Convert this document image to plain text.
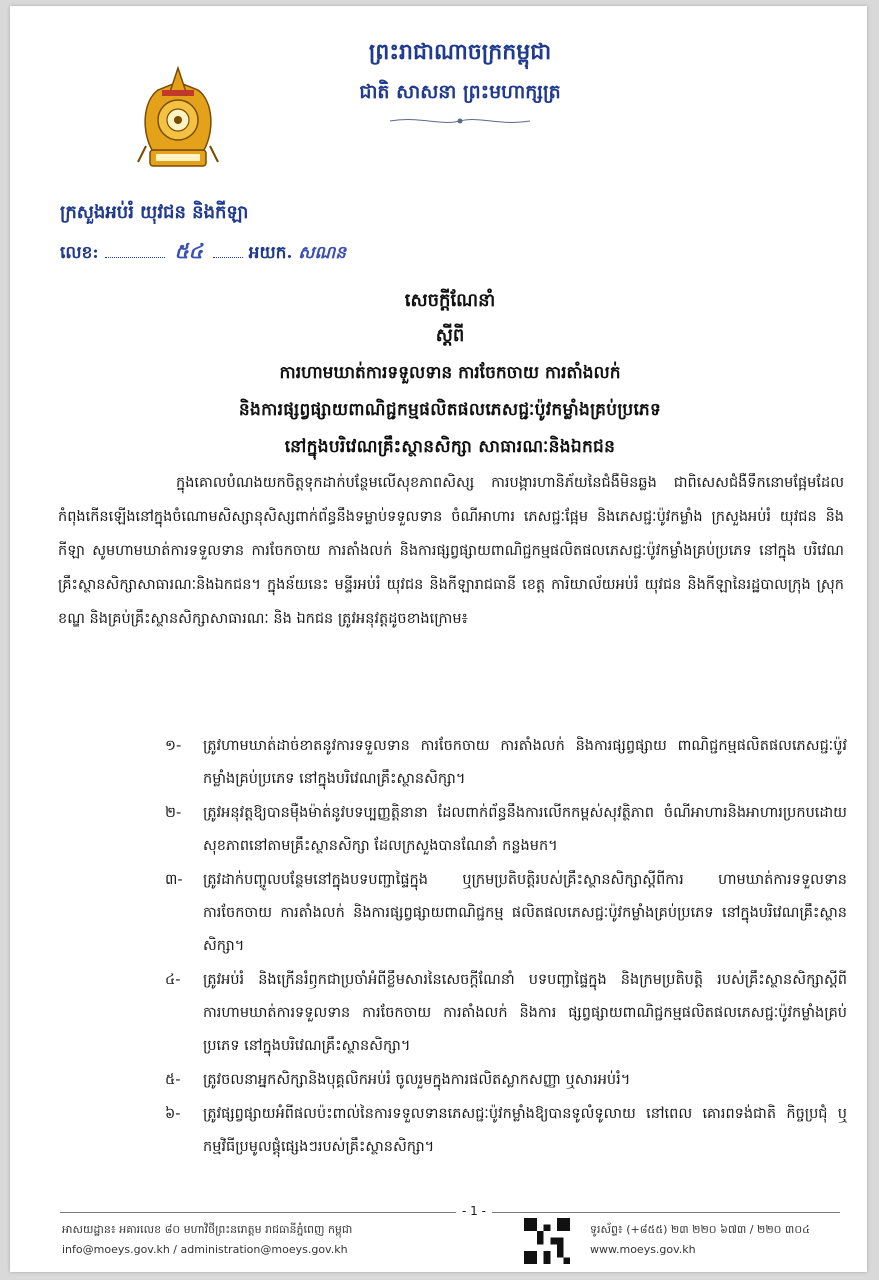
ព្រះរាជាណាចក្រកម្ពុជា
ជាតិ សាសនា ព្រះមហាក្សត្រ
ក្រសួងអប់រំ យុវជន និងកីឡា
លេខ:	៥៤	អយក. សណន
សេចក្តីណែនាំ
ស្តីពី
ការហាមឃាត់ការទទួលទាន ការចែកចាយ ការតាំងលក់
និងការផ្សព្វផ្សាយពាណិជ្ជកម្មផលិតផលភេសជ្ជៈប៉ូវកម្លាំងគ្រប់ប្រភេទ
នៅក្នុងបរិវេណគ្រឹះស្ថានសិក្សា សាធារណៈនិងឯកជន
ក្នុងគោលបំណងយកចិត្តទុកដាក់បន្ថែមលើសុខភាពសិស្ស ការបង្ការហានិភ័យនៃជំងឺមិនឆ្លង ជាពិសេសជំងឺទឹកនោមផ្អែមដែលកំពុងកើនឡើងនៅក្នុងចំណោមសិស្សានុសិស្សពាក់ព័ន្ធនឹងទម្លាប់ទទួលទាន ចំណីអាហារ ភេសជ្ជៈផ្អែម និងភេសជ្ជៈប៉ូវកម្លាំង ក្រសួងអប់រំ យុវជន និងកីឡា សូមហាមឃាត់ការទទួលទាន ការចែកចាយ ការតាំងលក់ និងការផ្សព្វផ្សាយពាណិជ្ជកម្មផលិតផលភេសជ្ជៈប៉ូវកម្លាំងគ្រប់ប្រភេទ នៅក្នុង បរិវេណគ្រឹះស្ថានសិក្សាសាធារណៈនិងឯកជន។ ក្នុងន័យនេះ មន្ទីរអប់រំ យុវជន និងកីឡារាជធានី ខេត្ត ការិយាល័យអប់រំ យុវជន និងកីឡានៃរដ្ឋបាលក្រុង ស្រុក ខណ្ឌ និងគ្រប់គ្រឹះស្ថានសិក្សាសាធារណៈ និង ឯកជន ត្រូវអនុវត្តដូចខាងក្រោម៖
១-	ត្រូវហាមឃាត់ដាច់ខាតនូវការទទួលទាន ការចែកចាយ ការតាំងលក់ និងការផ្សព្វផ្សាយ ពាណិជ្ជកម្មផលិតផលភេសជ្ជៈប៉ូវកម្លាំងគ្រប់ប្រភេទ នៅក្នុងបរិវេណគ្រឹះស្ថានសិក្សា។
២-	ត្រូវអនុវត្តឱ្យបានម៉ឺងម៉ាត់នូវបទប្បញ្ញត្តិនានា ដែលពាក់ព័ន្ធនឹងការលើកកម្ពស់សុវត្ថិភាព ចំណីអាហារនិងអាហារប្រកបដោយសុខភាពនៅតាមគ្រឹះស្ថានសិក្សា ដែលក្រសួងបានណែនាំ កន្លងមក។
៣-	ត្រូវដាក់បញ្ចូលបន្ថែមនៅក្នុងបទបញ្ជាផ្ទៃក្នុង ឬក្រមប្រតិបត្តិរបស់គ្រឹះស្ថានសិក្សាស្តីពីការ ហាមឃាត់ការទទួលទាន ការចែកចាយ ការតាំងលក់ និងការផ្សព្វផ្សាយពាណិជ្ជកម្ម ផលិតផលភេសជ្ជៈប៉ូវកម្លាំងគ្រប់ប្រភេទ នៅក្នុងបរិវេណគ្រឹះស្ថានសិក្សា។
៤-	ត្រូវអប់រំ និងក្រើនរំឭកជាប្រចាំអំពីខ្លឹមសារនៃសេចក្តីណែនាំ បទបញ្ជាផ្ទៃក្នុង និងក្រមប្រតិបត្តិ របស់គ្រឹះស្ថានសិក្សាស្តីពីការហាមឃាត់ការទទួលទាន ការចែកចាយ ការតាំងលក់ និងការ ផ្សព្វផ្សាយពាណិជ្ជកម្មផលិតផលភេសជ្ជៈប៉ូវកម្លាំងគ្រប់ប្រភេទ នៅក្នុងបរិវេណគ្រឹះស្ថានសិក្សា។
៥-	ត្រូវចលនាអ្នកសិក្សានិងបុគ្គលិកអប់រំ ចូលរួមក្នុងការផលិតស្លាកសញ្ញា ឬសារអប់រំ។
៦-	ត្រូវផ្សព្វផ្សាយអំពីផលប៉ះពាល់នៃការទទួលទានភេសជ្ជៈប៉ូវកម្លាំងឱ្យបានទូលំទូលាយ នៅពេល គោរពទង់ជាតិ កិច្ចប្រជុំ ឬកម្មវិធីប្រមូលផ្តុំផ្សេងៗរបស់គ្រឹះស្ថានសិក្សា។
- 1 -
អាសយដ្ឋាន៖ អគារលេខ ៨០ មហាវិថីព្រះនរោត្តម រាជធានីភ្នំពេញ កម្ពុជា
info@moeys.gov.kh / administration@moeys.gov.kh
ទូរស័ព្ទ៖ (+៨៥៥) ២៣ ២២០ ៦៧៣ / ២២០ ៣០៤
www.moeys.gov.kh
